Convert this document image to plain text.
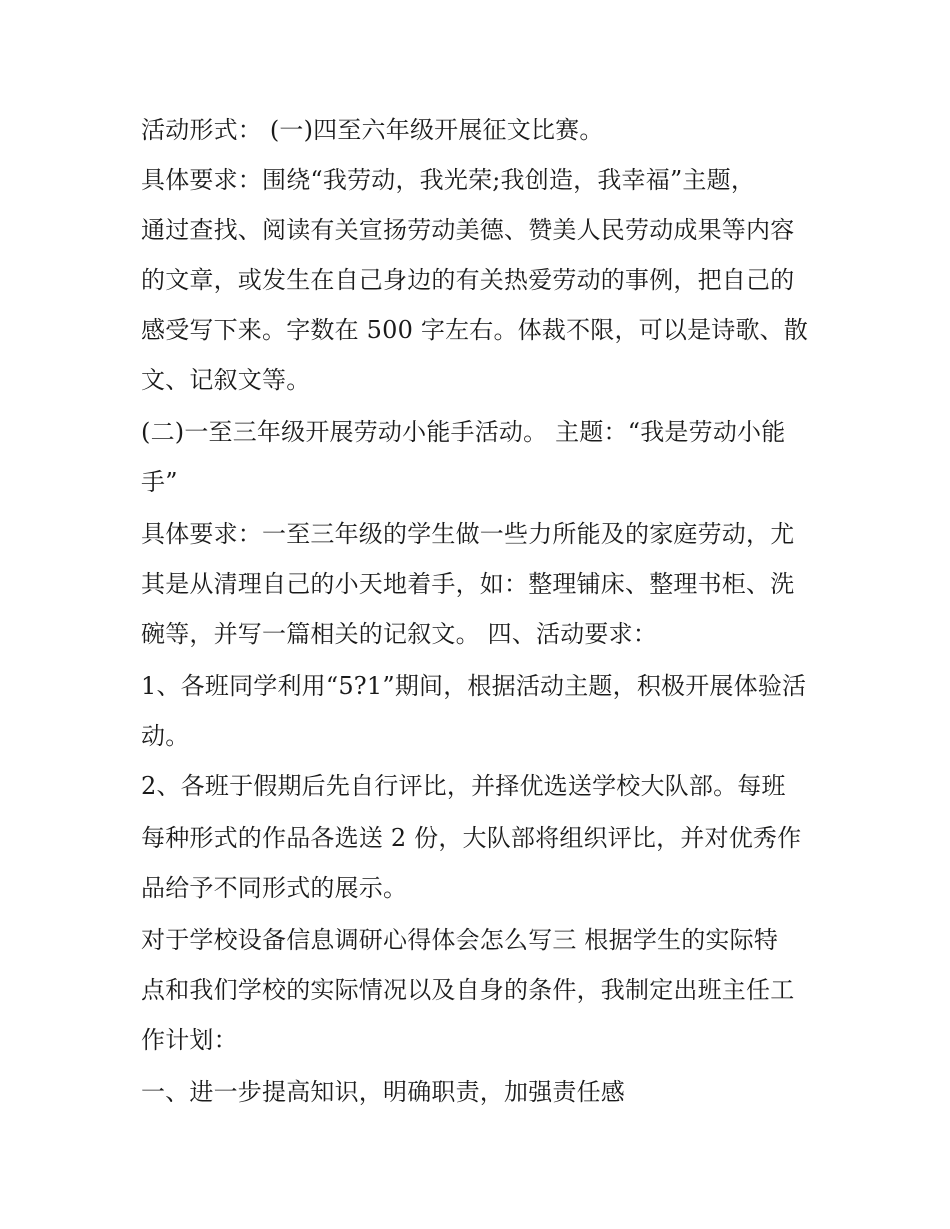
活动形式： (一)四至六年级开展征文比赛。
具体要求：围绕“我劳动，我光荣;我创造，我幸福”主题，
通过查找、阅读有关宣扬劳动美德、赞美人民劳动成果等内容
的文章，或发生在自己身边的有关热爱劳动的事例，把自己的
感受写下来。字数在 500 字左右。体裁不限，可以是诗歌、散
文、记叙文等。
(二)一至三年级开展劳动小能手活动。 主题：“我是劳动小能
手”
具体要求：一至三年级的学生做一些力所能及的家庭劳动，尤
其是从清理自己的小天地着手，如：整理铺床、整理书柜、洗
碗等，并写一篇相关的记叙文。 四、活动要求：
1、各班同学利用“5?1”期间，根据活动主题，积极开展体验活
动。
2、各班于假期后先自行评比，并择优选送学校大队部。每班
每种形式的作品各选送 2 份，大队部将组织评比，并对优秀作
品给予不同形式的展示。
对于学校设备信息调研心得体会怎么写三 根据学生的实际特
点和我们学校的实际情况以及自身的条件，我制定出班主任工
作计划：
一、进一步提高知识，明确职责，加强责任感
